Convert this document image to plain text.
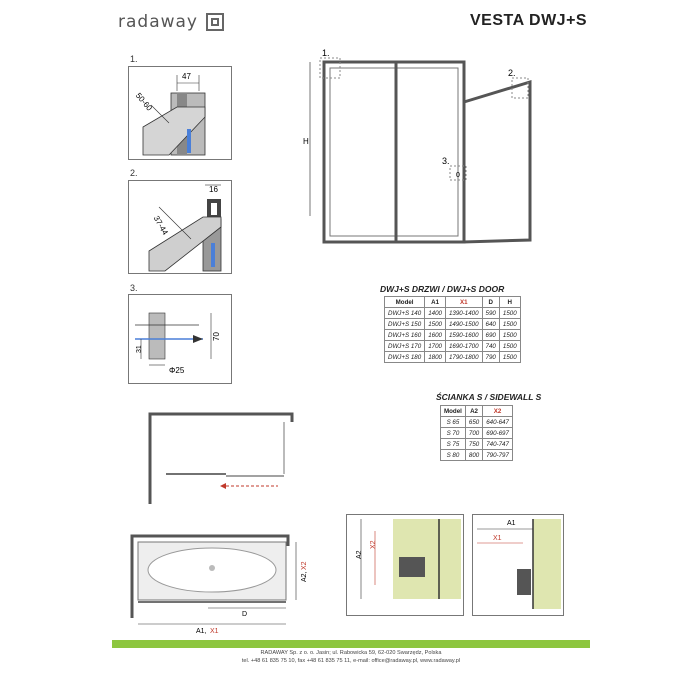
radaway	VESTA DWJ+S
1.
47
50-60
2.
16
37-44
3.
70
31
Φ25
H
1.
2.
3.
0
DWJ+S DRZWI / DWJ+S DOOR
Model	A1	X1	D	H
DWJ+S 140	1400	1390-1400	590	1500
DWJ+S 150	1500	1490-1500	640	1500
DWJ+S 160	1600	1590-1600	690	1500
DWJ+S 170	1700	1690-1700	740	1500
DWJ+S 180	1800	1790-1800	790	1500
ŚCIANKA S / SIDEWALL S
Model	A2	X2
S 65	650	640-647
S 70	700	690-697
S 75	750	740-747
S 80	800	790-797
D
A1, X1
A2,
X2
A2
X2
A1
X1
RADAWAY Sp. z o. o. Jasin; ul. Rabowicka 59, 62-020 Swarzędz, Polska
tel. +48 61 835 75 10, fax +48 61 835 75 11, e-mail: office@radaway.pl, www.radaway.pl
